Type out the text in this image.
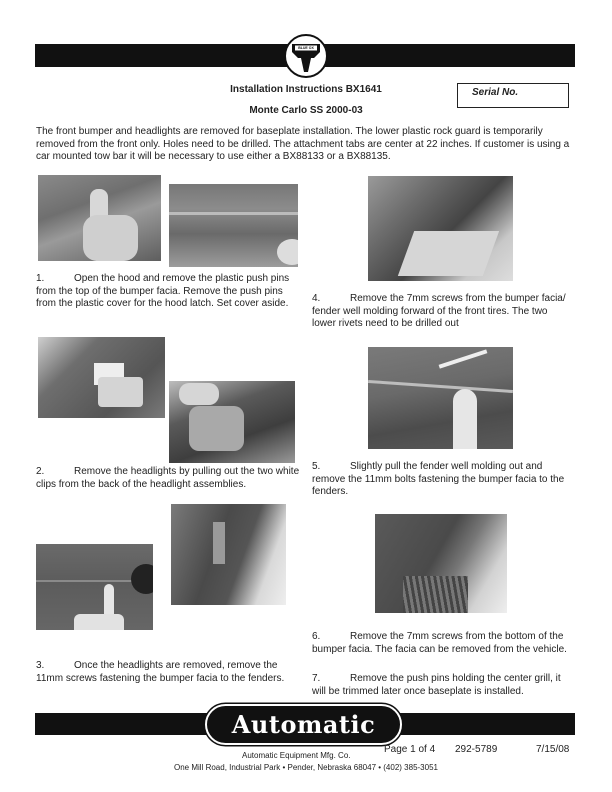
BLUE OX
Installation Instructions BX1641
Monte Carlo SS 2000-03
Serial No.
The front bumper and headlights are removed for baseplate installation. The lower plastic rock guard is temporarily removed from the front only. Holes need to be drilled. The attachment tabs are center at 22 inches. If customer is using a car mounted tow bar it will be necessary to use either a BX88133 or a BX88135.
1.	Open the hood and remove the plastic push pins from the top of the bumper facia. Remove the push pins from the plastic cover for the hood latch. Set cover aside.
2.	Remove the headlights by pulling out the two white clips from the back of the headlight assemblies.
3.	Once the headlights are removed, remove the 11mm screws fastening the bumper facia to the fenders.
4.	Remove the 7mm screws from the bumper facia/ fender well molding forward of the front tires. The two lower rivets need to be drilled out
5.	Slightly pull the fender well molding out and remove the 11mm bolts fastening the bumper facia to the fenders.
6.	Remove the 7mm screws from the bottom of the bumper facia. The facia can be removed from the vehicle.
7.	Remove the push pins holding the center grill, it will be trimmed later once baseplate is installed.
Automatic
Automatic Equipment Mfg. Co.
Page 1 of 4 292-5789	7/15/08
One Mill Road, Industrial Park • Pender, Nebraska 68047 • (402) 385-3051
